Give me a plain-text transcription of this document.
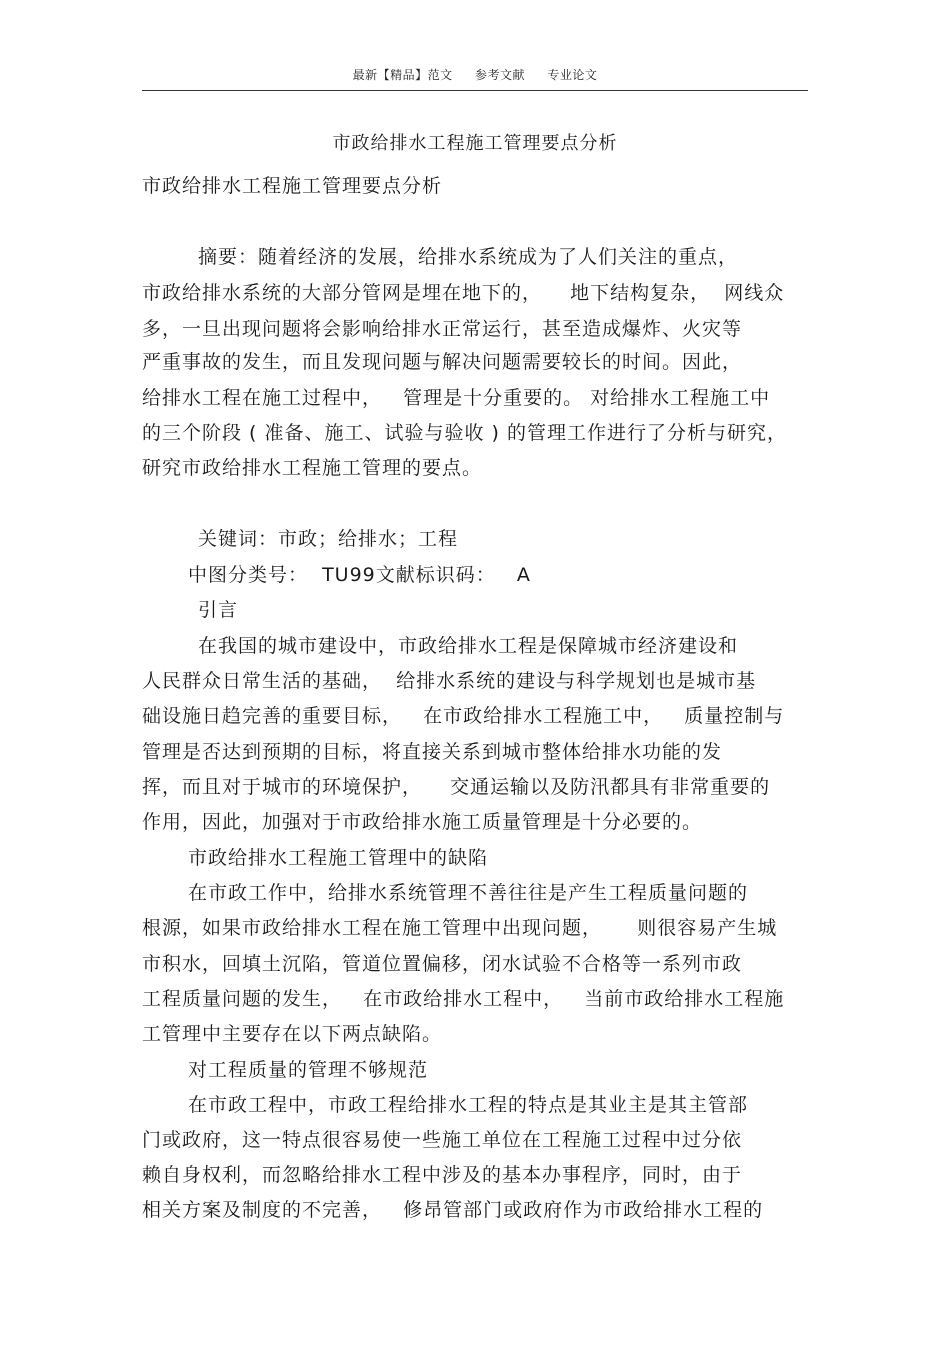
最新【精品】范文 参考文献 专业论文
市政给排水工程施工管理要点分析
市政给排水工程施工管理要点分析
摘要：随着经济的发展，给排水系统成为了人们关注的重点，
市政给排水系统的大部分管网是埋在地下的，    地下结构复杂，  网线众
多，一旦出现问题将会影响给排水正常运行，甚至造成爆炸、火灾等
严重事故的发生，而且发现问题与解决问题需要较长的时间。因此，
给排水工程在施工过程中，   管理是十分重要的。 对给排水工程施工中
的三个阶段 ( 准备、施工、试验与验收 ) 的管理工作进行了分析与研究，
研究市政给排水工程施工管理的要点。
关键词：市政；给排水；工程
中图分类号：  TU99文献标识码：   A
引言
在我国的城市建设中，市政给排水工程是保障城市经济建设和
人民群众日常生活的基础，  给排水系统的建设与科学规划也是城市基
础设施日趋完善的重要目标，   在市政给排水工程施工中，   质量控制与
管理是否达到预期的目标，将直接关系到城市整体给排水功能的发
挥，而且对于城市的环境保护，    交通运输以及防汛都具有非常重要的
作用，因此，加强对于市政给排水施工质量管理是十分必要的。
市政给排水工程施工管理中的缺陷
在市政工作中，给排水系统管理不善往往是产生工程质量问题的
根源，如果市政给排水工程在施工管理中出现问题，     则很容易产生城
市积水，回填土沉陷，管道位置偏移，闭水试验不合格等一系列市政
工程质量问题的发生，   在市政给排水工程中，   当前市政给排水工程施
工管理中主要存在以下两点缺陷。
对工程质量的管理不够规范
在市政工程中，市政工程给排水工程的特点是其业主是其主管部
门或政府，这一特点很容易使一些施工单位在工程施工过程中过分依
赖自身权利，而忽略给排水工程中涉及的基本办事程序，同时，由于
相关方案及制度的不完善，   修昂管部门或政府作为市政给排水工程的
